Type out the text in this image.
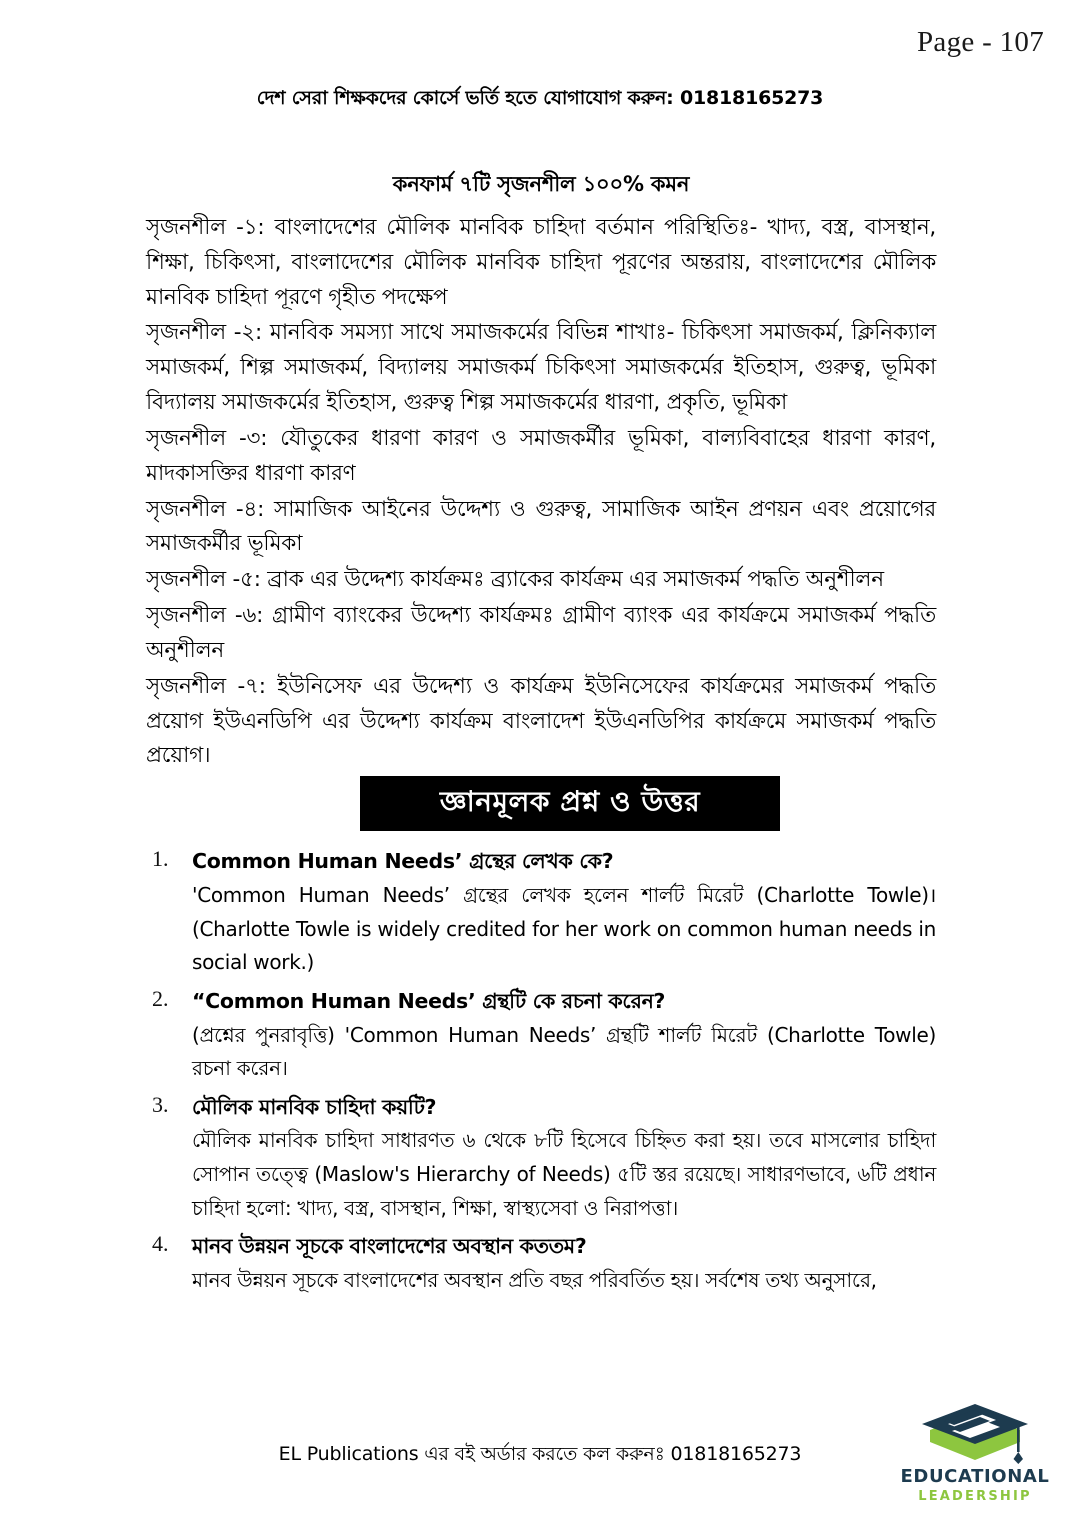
Page - 107
দেশ সেরা শিক্ষকদের কোর্সে ভর্তি হতে যোগাযোগ করুন: 01818165273
কনফার্ম ৭টি সৃজনশীল ১০০% কমন

সৃজনশীল -১: বাংলাদেশের মৌলিক মানবিক চাহিদা বর্তমান পরিস্থিতিঃ- খাদ্য, বস্ত্র, বাসস্থান, শিক্ষা, চিকিৎসা, বাংলাদেশের মৌলিক মানবিক চাহিদা পূরণের অন্তরায়, বাংলাদেশের মৌলিক মানবিক চাহিদা পূরণে গৃহীত পদক্ষেপ

সৃজনশীল -২: মানবিক সমস্যা সাথে সমাজকর্মের বিভিন্ন শাখাঃ- চিকিৎসা সমাজকর্ম, ক্লিনিক্যাল সমাজকর্ম, শিল্প সমাজকর্ম, বিদ্যালয় সমাজকর্ম চিকিৎসা সমাজকর্মের ইতিহাস, গুরুত্ব, ভূমিকা বিদ্যালয় সমাজকর্মের ইতিহাস, গুরুত্ব শিল্প সমাজকর্মের ধারণা, প্রকৃতি, ভূমিকা

সৃজনশীল -৩: যৌতুকের ধারণা কারণ ও সমাজকর্মীর ভূমিকা, বাল্যবিবাহের ধারণা কারণ, মাদকাসক্তির ধারণা কারণ

সৃজনশীল -৪: সামাজিক আইনের উদ্দেশ্য ও গুরুত্ব, সামাজিক আইন প্রণয়ন এবং প্রয়োগের সমাজকর্মীর ভূমিকা

সৃজনশীল -৫: ব্রাক এর উদ্দেশ্য কার্যক্রমঃ ব্র্যাকের কার্যক্রম এর সমাজকর্ম পদ্ধতি অনুশীলন

সৃজনশীল -৬: গ্রামীণ ব্যাংকের উদ্দেশ্য কার্যক্রমঃ গ্রামীণ ব্যাংক এর কার্যক্রমে সমাজকর্ম পদ্ধতি অনুশীলন

সৃজনশীল -৭: ইউনিসেফ এর উদ্দেশ্য ও কার্যক্রম ইউনিসেফের কার্যক্রমের সমাজকর্ম পদ্ধতি প্রয়োগ ইউএনডিপি এর উদ্দেশ্য কার্যক্রম বাংলাদেশ ইউএনডিপির কার্যক্রমে সমাজকর্ম পদ্ধতি প্রয়োগ।

জ্ঞানমূলক প্রশ্ন ও উত্তর
1.	Common Human Needs’ গ্রন্থের লেখক কে?

'Common Human Needs’ গ্রন্থের লেখক হলেন শার্লট মিরেট (Charlotte Towle)। (Charlotte Towle is widely credited for her work on common human needs in social work.)

2.	“Common Human Needs’ গ্রন্থটি কে রচনা করেন?

(প্রশ্নের পুনরাবৃত্তি) 'Common Human Needs’ গ্রন্থটি শার্লট মিরেট (Charlotte Towle) রচনা করেন।

3.	মৌলিক মানবিক চাহিদা কয়টি?

মৌলিক মানবিক চাহিদা সাধারণত ৬ থেকে ৮টি হিসেবে চিহ্নিত করা হয়। তবে মাসলোর চাহিদা সোপান তত্ত্বে (Maslow's Hierarchy of Needs) ৫টি স্তর রয়েছে। সাধারণভাবে, ৬টি প্রধান চাহিদা হলো: খাদ্য, বস্ত্র, বাসস্থান, শিক্ষা, স্বাস্থ্যসেবা ও নিরাপত্তা।

4.	মানব উন্নয়ন সূচকে বাংলাদেশের অবস্থান কততম?

মানব উন্নয়ন সূচকে বাংলাদেশের অবস্থান প্রতি বছর পরিবর্তিত হয়। সর্বশেষ তথ্য অনুসারে,

EL Publications এর বই অর্ডার করতে কল করুনঃ 01818165273
EDUCATIONAL
LEADERSHIP
